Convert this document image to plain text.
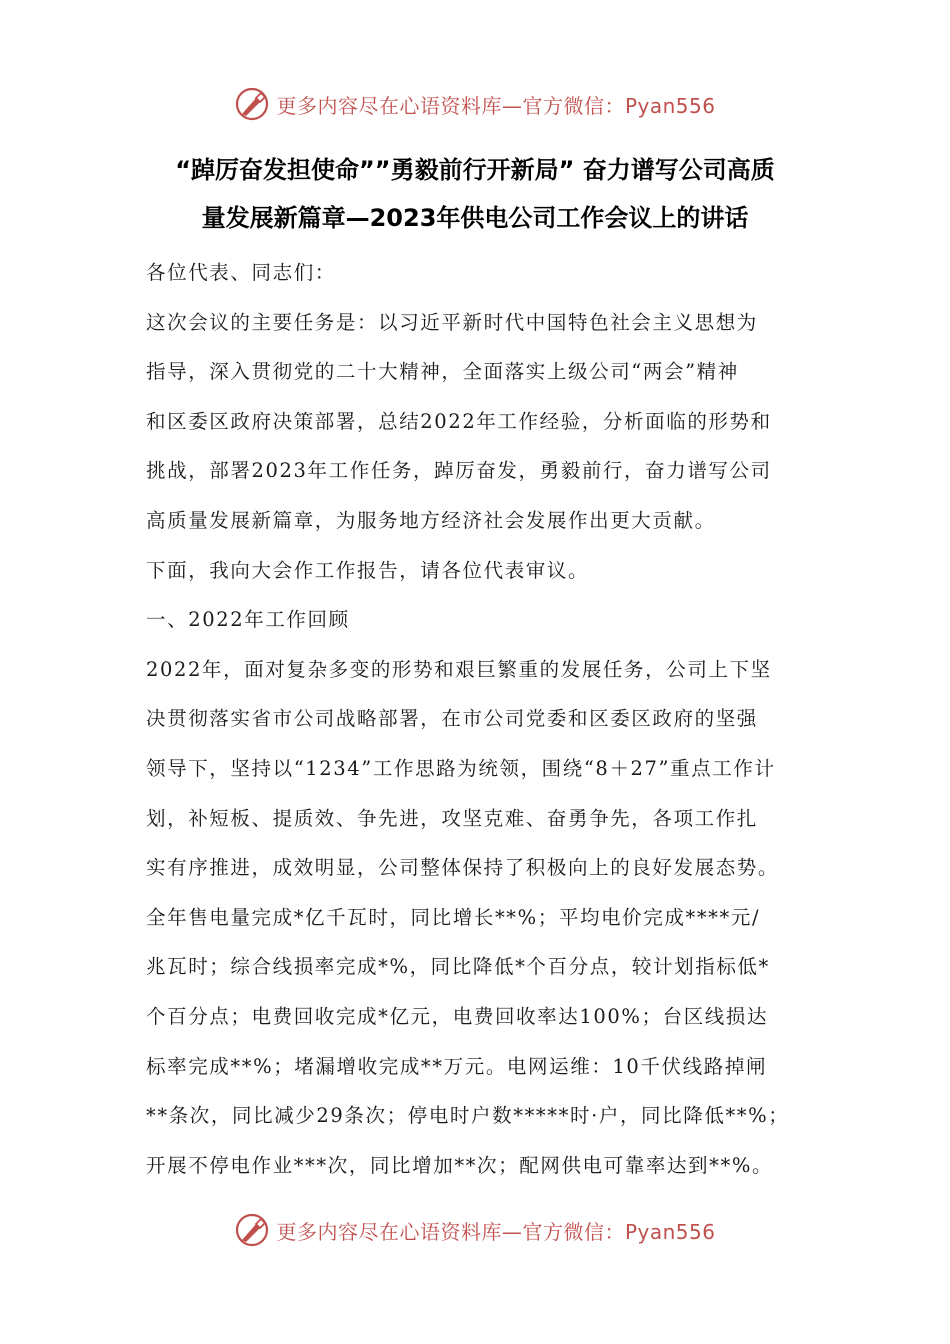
更多内容尽在心语资料库—官方微信：Pyan556
“踔厉奋发担使命””勇毅前行开新局” 奋力谱写公司高质
量发展新篇章—2023年供电公司工作会议上的讲话

各位代表、同志们：

这次会议的主要任务是：以习近平新时代中国特色社会主义思想为

指导，深入贯彻党的二十大精神，全面落实上级公司“两会”精神

和区委区政府决策部署，总结2022年工作经验，分析面临的形势和

挑战，部署2023年工作任务，踔厉奋发，勇毅前行，奋力谱写公司

高质量发展新篇章，为服务地方经济社会发展作出更大贡献。

下面，我向大会作工作报告，请各位代表审议。

一、2022年工作回顾

2022年，面对复杂多变的形势和艰巨繁重的发展任务，公司上下坚

决贯彻落实省市公司战略部署，在市公司党委和区委区政府的坚强

领导下，坚持以“1234”工作思路为统领，围绕“8＋27”重点工作计

划，补短板、提质效、争先进，攻坚克难、奋勇争先，各项工作扎

实有序推进，成效明显，公司整体保持了积极向上的良好发展态势。

全年售电量完成*亿千瓦时，同比增长**%；平均电价完成****元/

兆瓦时；综合线损率完成*%，同比降低*个百分点，较计划指标低*

个百分点；电费回收完成*亿元，电费回收率达100%；台区线损达

标率完成**%；堵漏增收完成**万元。电网运维：10千伏线路掉闸

**条次，同比减少29条次；停电时户数*****时·户，同比降低**%；

开展不停电作业***次，同比增加**次；配网供电可靠率达到**%。

更多内容尽在心语资料库—官方微信：Pyan556
